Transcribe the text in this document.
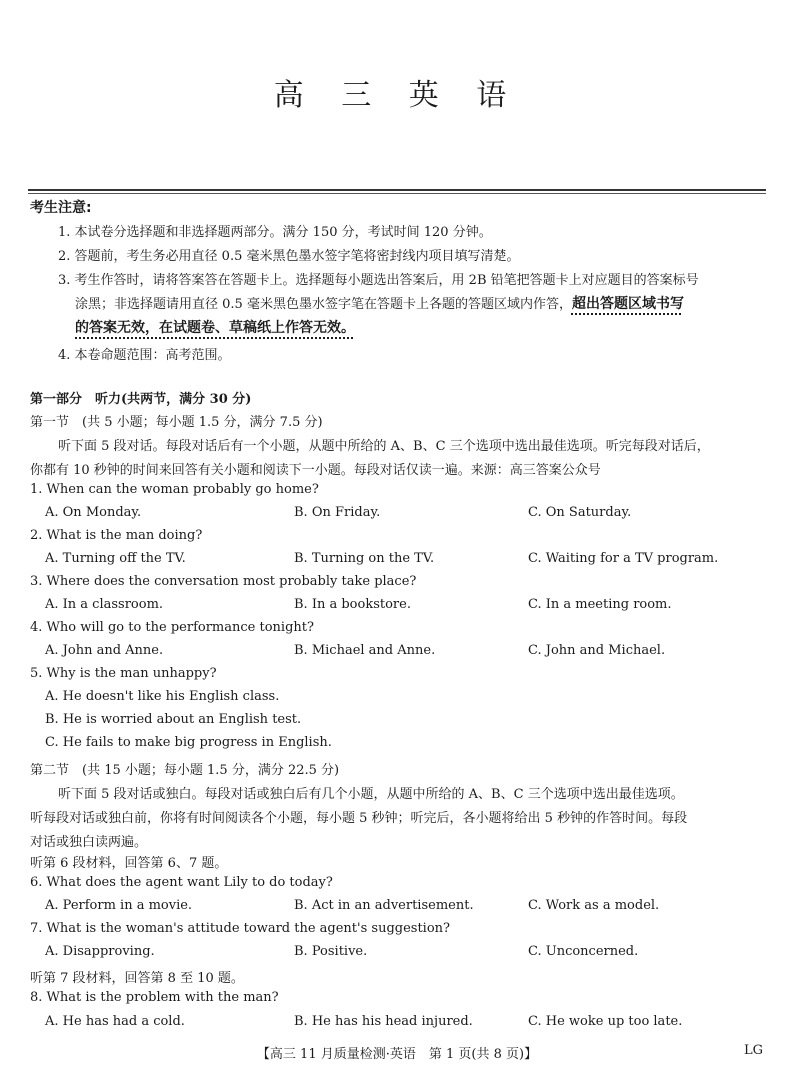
高 三 英 语
考生注意:
1. 本试卷分选择题和非选择题两部分。满分 150 分，考试时间 120 分钟。
2. 答题前，考生务必用直径 0.5 毫米黑色墨水签字笔将密封线内项目填写清楚。
3. 考生作答时，请将答案答在答题卡上。选择题每小题选出答案后，用 2B 铅笔把答题卡上对应题目的答案标号
涂黑；非选择题请用直径 0.5 毫米黑色墨水签字笔在答题卡上各题的答题区域内作答，超出答题区域书写
的答案无效，在试题卷、草稿纸上作答无效。
4. 本卷命题范围：高考范围。
第一部分　听力(共两节，满分 30 分)
第一节　(共 5 小题；每小题 1.5 分，满分 7.5 分)
听下面 5 段对话。每段对话后有一个小题，从题中所给的 A、B、C 三个选项中选出最佳选项。听完每段对话后，
你都有 10 秒钟的时间来回答有关小题和阅读下一小题。每段对话仅读一遍。来源：高三答案公众号
1. When can the woman probably go home?
A. On Monday.	B. On Friday.	C. On Saturday.
2. What is the man doing?
A. Turning off the TV.	B. Turning on the TV.	C. Waiting for a TV program.
3. Where does the conversation most probably take place?
A. In a classroom.	B. In a bookstore.	C. In a meeting room.
4. Who will go to the performance tonight?
A. John and Anne.	B. Michael and Anne.	C. John and Michael.
5. Why is the man unhappy?
A. He doesn't like his English class.
B. He is worried about an English test.
C. He fails to make big progress in English.
第二节　(共 15 小题；每小题 1.5 分，满分 22.5 分)
听下面 5 段对话或独白。每段对话或独白后有几个小题，从题中所给的 A、B、C 三个选项中选出最佳选项。
听每段对话或独白前，你将有时间阅读各个小题，每小题 5 秒钟；听完后，各小题将给出 5 秒钟的作答时间。每段
对话或独白读两遍。
听第 6 段材料，回答第 6、7 题。
6. What does the agent want Lily to do today?
A. Perform in a movie.	B. Act in an advertisement.	C. Work as a model.
7. What is the woman's attitude toward the agent's suggestion?
A. Disapproving.	B. Positive.	C. Unconcerned.
听第 7 段材料，回答第 8 至 10 题。
8. What is the problem with the man?
A. He has had a cold.	B. He has his head injured.	C. He woke up too late.
【高三 11 月质量检测·英语　第 1 页(共 8 页)】	LG
